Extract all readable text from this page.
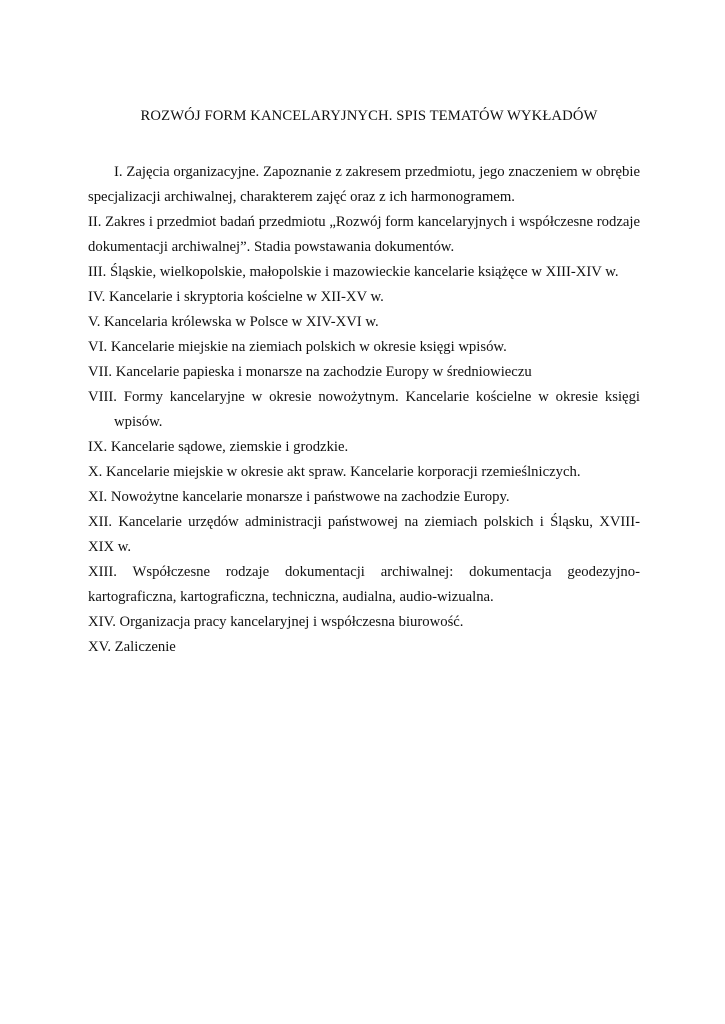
ROZWÓJ FORM KANCELARYJNYCH. SPIS TEMATÓW WYKŁADÓW

I. Zajęcia organizacyjne. Zapoznanie z zakresem przedmiotu, jego znaczeniem w obrębie specjalizacji archiwalnej, charakterem zajęć oraz z ich harmonogramem.

II. Zakres i przedmiot badań przedmiotu „Rozwój form kancelaryjnych i współczesne rodzaje dokumentacji archiwalnej”. Stadia powstawania dokumentów.

III. Śląskie, wielkopolskie, małopolskie i mazowieckie kancelarie książęce w XIII-XIV w.

IV. Kancelarie i skryptoria kościelne w XII-XV w.

V. Kancelaria królewska w Polsce w XIV-XVI w.

VI. Kancelarie miejskie na ziemiach polskich w okresie księgi wpisów.

VII. Kancelarie papieska i monarsze na zachodzie Europy w średniowieczu

VIII. Formy kancelaryjne w okresie nowożytnym. Kancelarie kościelne w okresie księgi wpisów.

IX. Kancelarie sądowe, ziemskie i grodzkie.

X. Kancelarie miejskie w okresie akt spraw. Kancelarie korporacji rzemieślniczych.

XI. Nowożytne kancelarie monarsze i państwowe na zachodzie Europy.

XII. Kancelarie urzędów administracji państwowej na ziemiach polskich i Śląsku, XVIII-XIX w.

XIII. Współczesne rodzaje dokumentacji archiwalnej: dokumentacja geodezyjno-kartograficzna, kartograficzna, techniczna, audialna, audio-wizualna.

XIV. Organizacja pracy kancelaryjnej i współczesna biurowość.

XV. Zaliczenie
